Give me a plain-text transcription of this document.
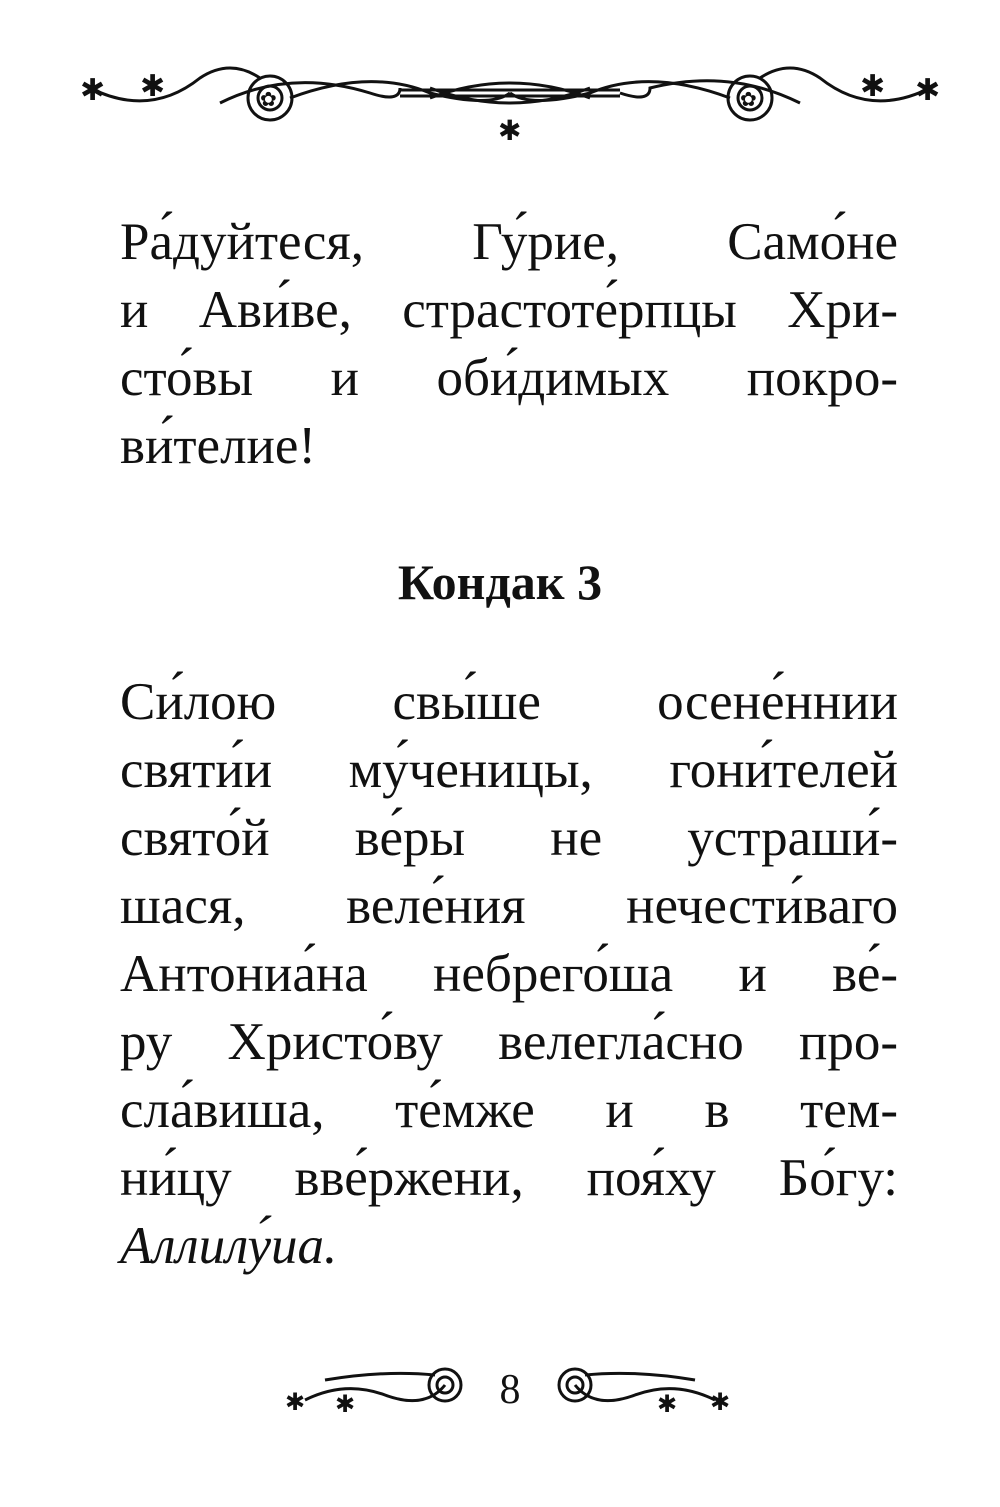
✱ ✱	✿
✱
✿	✱ ✱
Ра́дуйтеся, Гу́рие, Само́не
и Ави́ве, страстоте́рпцы Хри-
сто́вы и оби́димых покро-
ви́телие!
Кондак 3
Си́лою свы́ше осене́ннии
святи́и му́ченицы, гони́телей
свято́й ве́ры не устраши́-
шася, веле́ния нечести́ваго
Антониа́на небрего́ша и ве́-
ру Христо́ву велегла́сно про-
сла́виша, те́мже и в тем-
ни́цу вве́ржени, поя́ху Бо́гу:
Аллилу́иа.
✱ ✱	✱ ✱
8
